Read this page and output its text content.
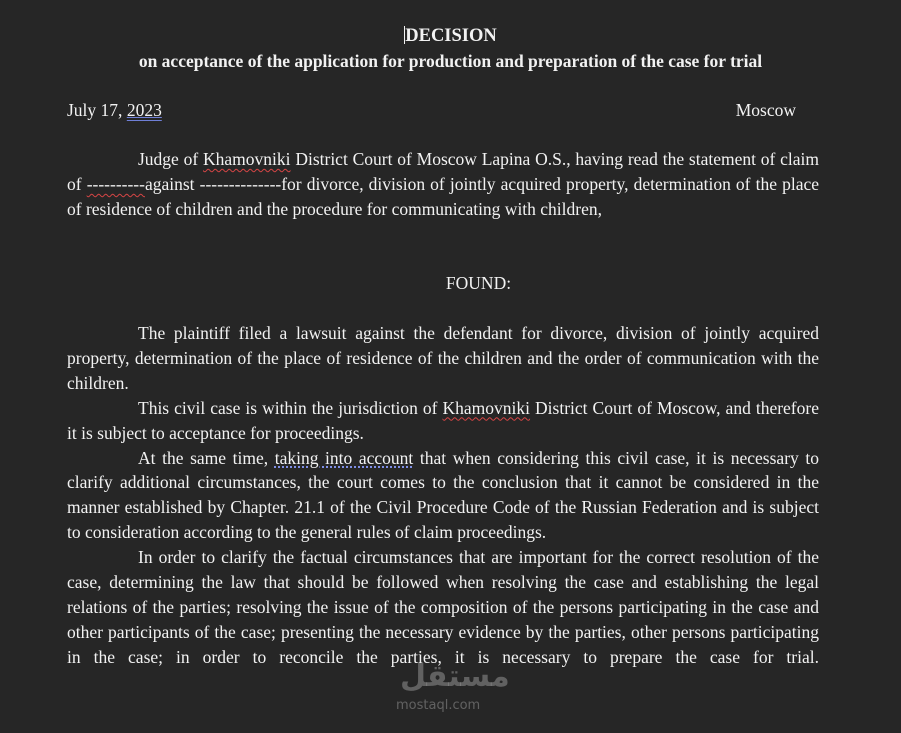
DECISION
on acceptance of the application for production and preparation of the case for trial
July 17, 2023	Moscow

Judge of Khamovniki District Court of Moscow Lapina O.S., having read the statement of claim of ----------against --------------for divorce, division of jointly acquired property, determination of the place of residence of children and the procedure for communicating with children,

FOUND:

The plaintiff filed a lawsuit against the defendant for divorce, division of jointly acquired property, determination of the place of residence of the children and the order of communication with the children.

This civil case is within the jurisdiction of Khamovniki District Court of Moscow, and therefore it is subject to acceptance for proceedings.

At the same time, taking into account that when considering this civil case, it is necessary to clarify additional circumstances, the court comes to the conclusion that it cannot be considered in the manner established by Chapter. 21.1 of the Civil Procedure Code of the Russian Federation and is subject to consideration according to the general rules of claim proceedings.

In order to clarify the factual circumstances that are important for the correct resolution of the case, determining the law that should be followed when resolving the case and establishing the legal relations of the parties; resolving the issue of the composition of the persons participating in the case and other participants of the case; presenting the necessary evidence by the parties, other persons participating in the case; in order to reconcile the parties, it is necessary to prepare the case for trial.

مستقل
mostaql.com
